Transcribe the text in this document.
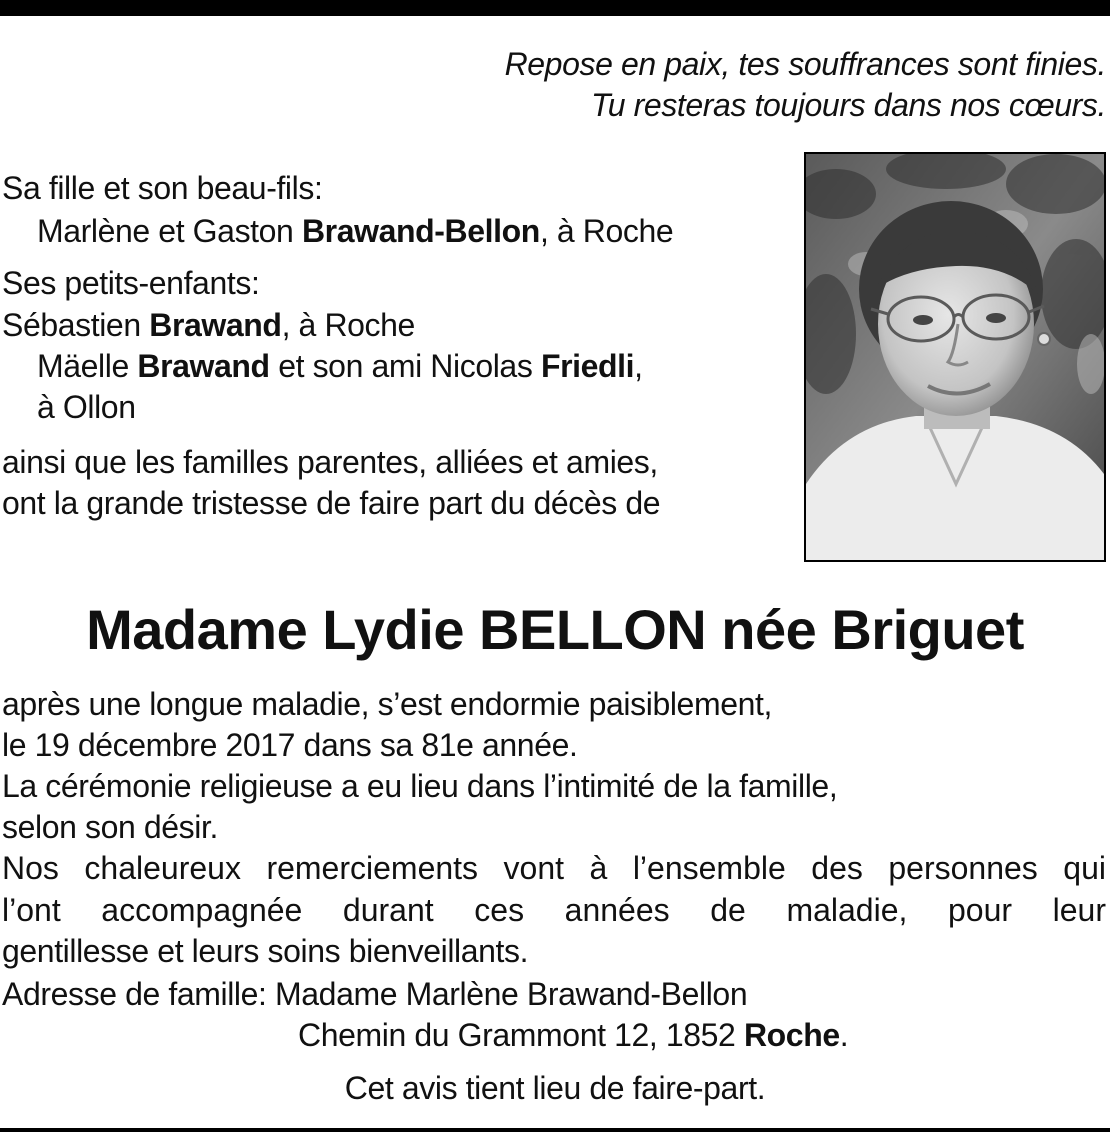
Repose en paix, tes souffrances sont finies.
Tu resteras toujours dans nos cœurs.
Sa fille et son beau-fils:
Marlène et Gaston Brawand-Bellon, à Roche
Ses petits-enfants:
Sébastien Brawand, à Roche
Mäelle Brawand et son ami Nicolas Friedli,
à Ollon
ainsi que les familles parentes, alliées et amies,
ont la grande tristesse de faire part du décès de
Madame Lydie BELLON née Briguet
après une longue maladie, s’est endormie paisiblement,
le 19 décembre 2017 dans sa 81e année.
La cérémonie religieuse a eu lieu dans l’intimité de la famille,
selon son désir.
Nos chaleureux remerciements vont à l’ensemble des personnes qui
l’ont accompagnée durant ces années de maladie, pour leur
gentillesse et leurs soins bienveillants.
Adresse de famille: Madame Marlène Brawand-Bellon
Chemin du Grammont 12, 1852 Roche.
Cet avis tient lieu de faire-part.
